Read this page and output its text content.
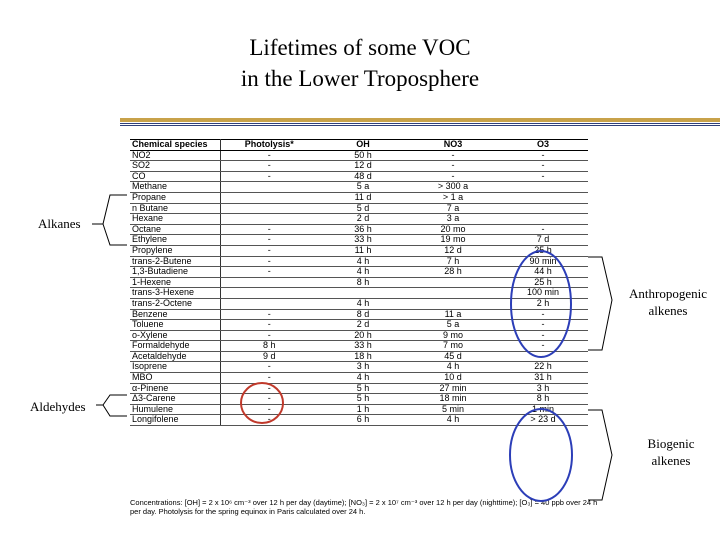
Lifetimes of some VOC
in the Lower Troposphere
Alkanes
Aldehydes
Anthropogenic
alkenes
Biogenic
alkenes
Chemical species	Photolysis*	OH	NO3	O3
NO2	-	50 h	-	-
SO2	-	12 d	-	-
CO	-	48 d	-	-
Methane		5 a	> 300 a	
Propane		11 d	> 1 a	
n Butane		5 d	7 a	
Hexane		2 d	3 a	
Octane	-	36 h	20 mo	-
Ethylene	-	33 h	19 mo	7 d
Propylene	-	11 h	12 d	25 h
trans-2-Butene	-	4 h	7 h	90 min
1,3-Butadiene	-	4 h	28 h	44 h
1-Hexene		8 h		25 h
trans-3-Hexene				100 min
trans-2-Octene		4 h		2 h
Benzene	-	8 d	11 a	-
Toluene	-	2 d	5 a	-
o-Xylene	-	20 h	9 mo	-
Formaldehyde	8 h	33 h	7 mo	-
Acetaldehyde	9 d	18 h	45 d	-
Isoprene	-	3 h	4 h	22 h
MBO	-	4 h	10 d	31 h
α-Pinene	-	5 h	27 min	3 h
Δ3-Carene	-	5 h	18 min	8 h
Humulene	-	1 h	5 min	1 min
Longifolene	-	6 h	4 h	> 23 d
Concentrations: [OH] = 2 x 10⁶ cm⁻³ over 12 h per day (daytime); [NO₃] = 2 x 10⁷ cm⁻³ over 12 h per day (nighttime); [O₃] = 40 ppb over 24 h per day. Photolysis for the spring equinox in Paris calculated over 24 h.
